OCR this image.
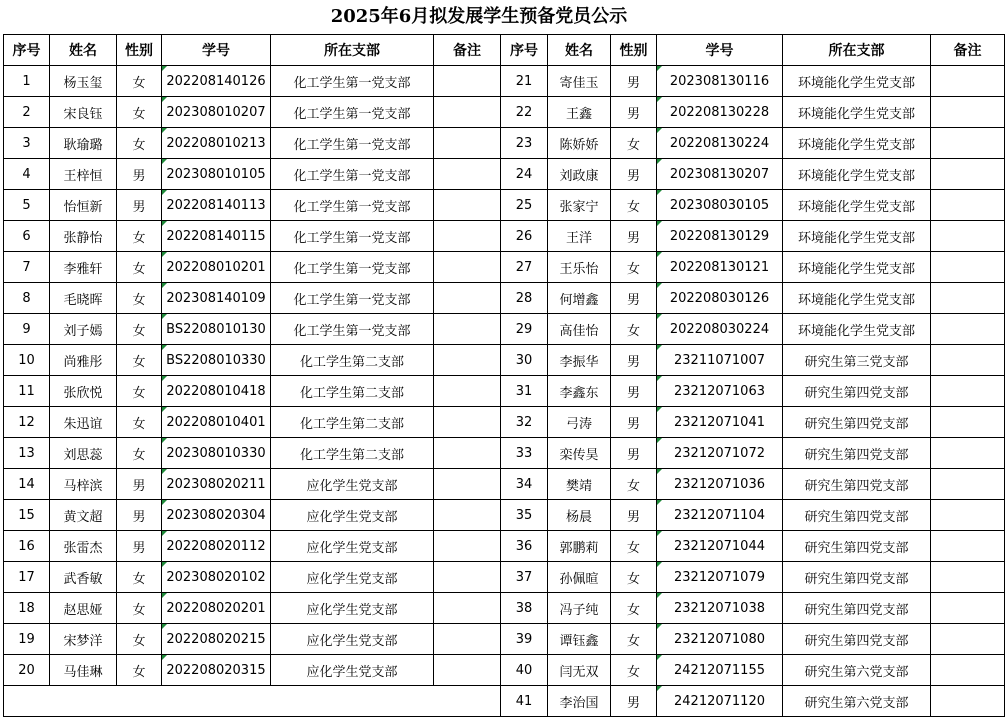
2025年6月拟发展学生预备党员公示
序号	姓名	性别	学号	所在支部	备注	序号	姓名	性别	学号	所在支部	备注
1	杨玉玺	女	202208140126	化工学生第一党支部		21	寄佳玉	男	202308130116	环境能化学生党支部	
2	宋良钰	女	202308010207	化工学生第一党支部		22	王鑫	男	202208130228	环境能化学生党支部	
3	耿瑜璐	女	202208010213	化工学生第一党支部		23	陈娇娇	女	202208130224	环境能化学生党支部	
4	王梓恒	男	202308010105	化工学生第一党支部		24	刘政康	男	202308130207	环境能化学生党支部	
5	怡恒新	男	202208140113	化工学生第一党支部		25	张家宁	女	202308030105	环境能化学生党支部	
6	张静怡	女	202208140115	化工学生第一党支部		26	王洋	男	202208130129	环境能化学生党支部	
7	李雅轩	女	202208010201	化工学生第一党支部		27	王乐怡	女	202208130121	环境能化学生党支部	
8	毛晓晖	女	202308140109	化工学生第一党支部		28	何增鑫	男	202208030126	环境能化学生党支部	
9	刘子嫣	女	BS2208010130	化工学生第一党支部		29	高佳怡	女	202208030224	环境能化学生党支部	
10	尚雅彤	女	BS2208010330	化工学生第二支部		30	李振华	男	23211071007	研究生第三党支部	
11	张欣悦	女	202208010418	化工学生第二支部		31	李鑫东	男	23212071063	研究生第四党支部	
12	朱迅谊	女	202208010401	化工学生第二支部		32	弓涛	男	23212071041	研究生第四党支部	
13	刘思蕊	女	202308010330	化工学生第二支部		33	栾传昊	男	23212071072	研究生第四党支部	
14	马梓滨	男	202308020211	应化学生党支部		34	樊靖	女	23212071036	研究生第四党支部	
15	黄文超	男	202308020304	应化学生党支部		35	杨晨	男	23212071104	研究生第四党支部	
16	张雷杰	男	202208020112	应化学生党支部		36	郭鹏莉	女	23212071044	研究生第四党支部	
17	武香敏	女	202308020102	应化学生党支部		37	孙佩暄	女	23212071079	研究生第四党支部	
18	赵思娅	女	202208020201	应化学生党支部		38	冯子纯	女	23212071038	研究生第四党支部	
19	宋梦洋	女	202208020215	应化学生党支部		39	谭钰鑫	女	23212071080	研究生第四党支部	
20	马佳琳	女	202208020315	应化学生党支部		40	闫无双	女	24212071155	研究生第六党支部	
						41	李治国	男	24212071120	研究生第六党支部	
